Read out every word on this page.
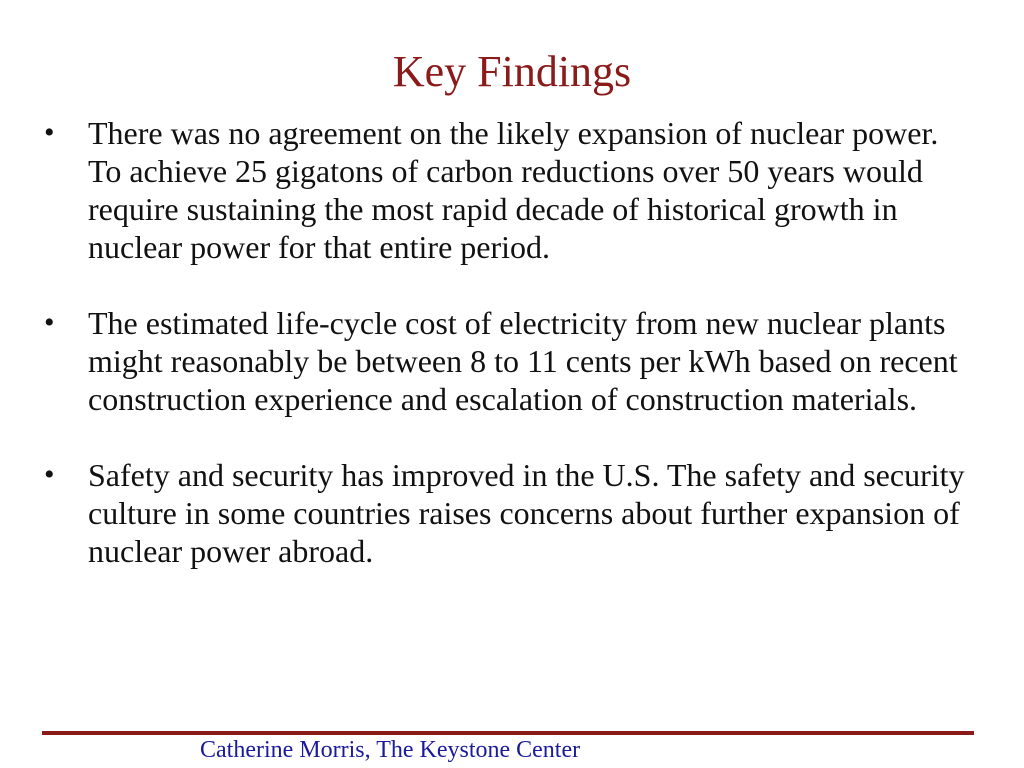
Key Findings
•	There was no agreement on the likely expansion of nuclear power. To achieve 25 gigatons of carbon reductions over 50 years would require sustaining the most rapid decade of historical growth in nuclear power for that entire period.
•	The estimated life-cycle cost of electricity from new nuclear plants might reasonably be between 8 to 11 cents per kWh based on recent construction experience and escalation of construction materials.
•	Safety and security has improved in the U.S. The safety and security culture in some countries raises concerns about further expansion of nuclear power abroad.
Catherine Morris, The Keystone Center
